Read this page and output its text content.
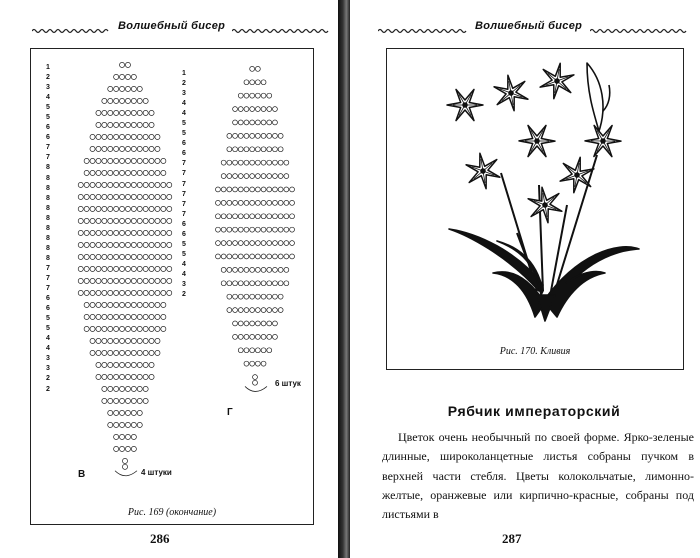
Волшебный бисер
1
2
3
4
5
5
6
6
7
7
8
8
8
8
8
8
8
8
8
8
7
7
7
6
6
5
5
4
4
3
3
2
2
В	4 штуки
1
2
3
4
4
5
5
6
6
7
7
7
7
7
7
6
6
5
5
4
4
3
2
6 штук
Г
Рис. 169 (окончание)
286
Волшебный бисер
Рис. 170. Кливия
Рябчик императорский

Цветок очень необычный по своей форме. Ярко-зеленые длинные, широколанцетные листья собраны пучком в верхней части стебля. Цветы колокольчатые, лимонно-желтые, оранжевые или кирпично-красные, собраны под листьями в

287
